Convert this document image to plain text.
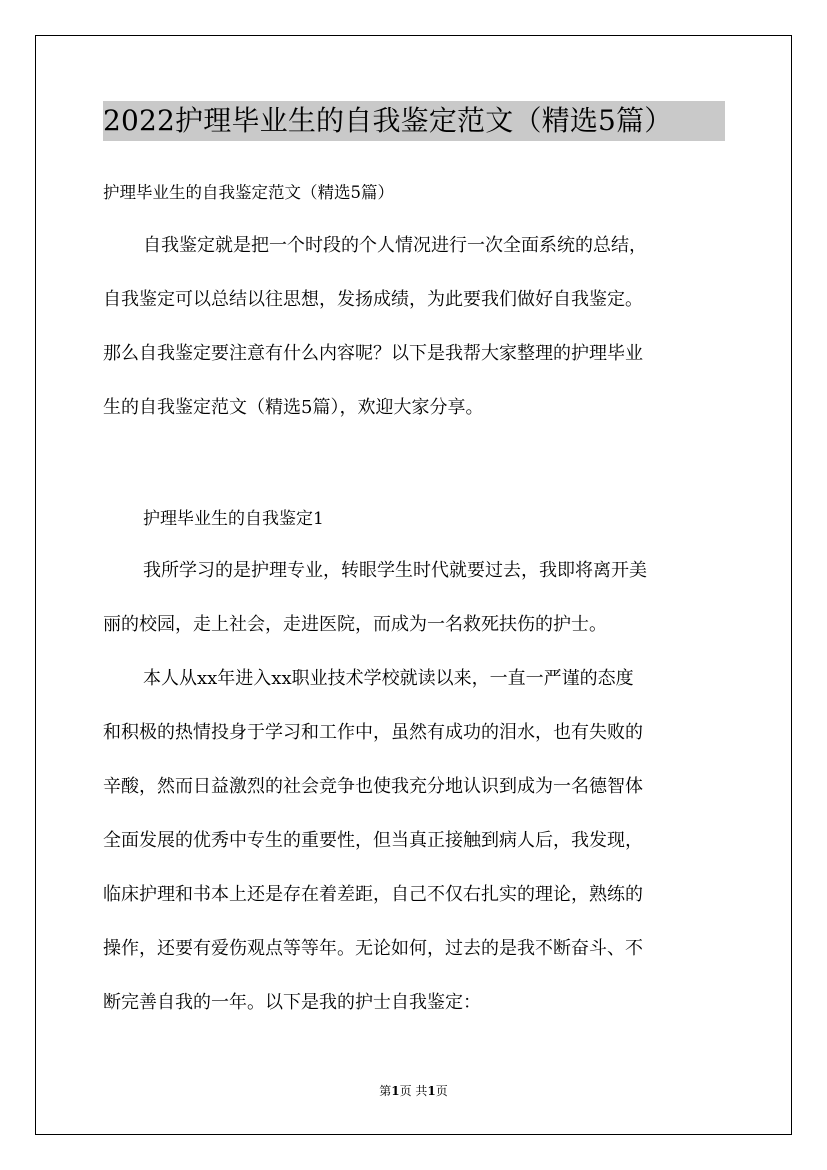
2022护理毕业生的自我鉴定范文（精选5篇）
护理毕业生的自我鉴定范文（精选5篇）
自我鉴定就是把一个时段的个人情况进行一次全面系统的总结，
自我鉴定可以总结以往思想，发扬成绩，为此要我们做好自我鉴定。
那么自我鉴定要注意有什么内容呢？以下是我帮大家整理的护理毕业
生的自我鉴定范文（精选5篇），欢迎大家分享。
护理毕业生的自我鉴定1
我所学习的是护理专业，转眼学生时代就要过去，我即将离开美
丽的校园，走上社会，走进医院，而成为一名救死扶伤的护士。
本人从xx年进入xx职业技术学校就读以来，一直一严谨的态度
和积极的热情投身于学习和工作中，虽然有成功的泪水，也有失败的
辛酸，然而日益激烈的社会竞争也使我充分地认识到成为一名德智体
全面发展的优秀中专生的重要性，但当真正接触到病人后，我发现，
临床护理和书本上还是存在着差距，自己不仅右扎实的理论，熟练的
操作，还要有爱伤观点等等年。无论如何，过去的是我不断奋斗、不
断完善自我的一年。以下是我的护士自我鉴定：
第1页 共1页
